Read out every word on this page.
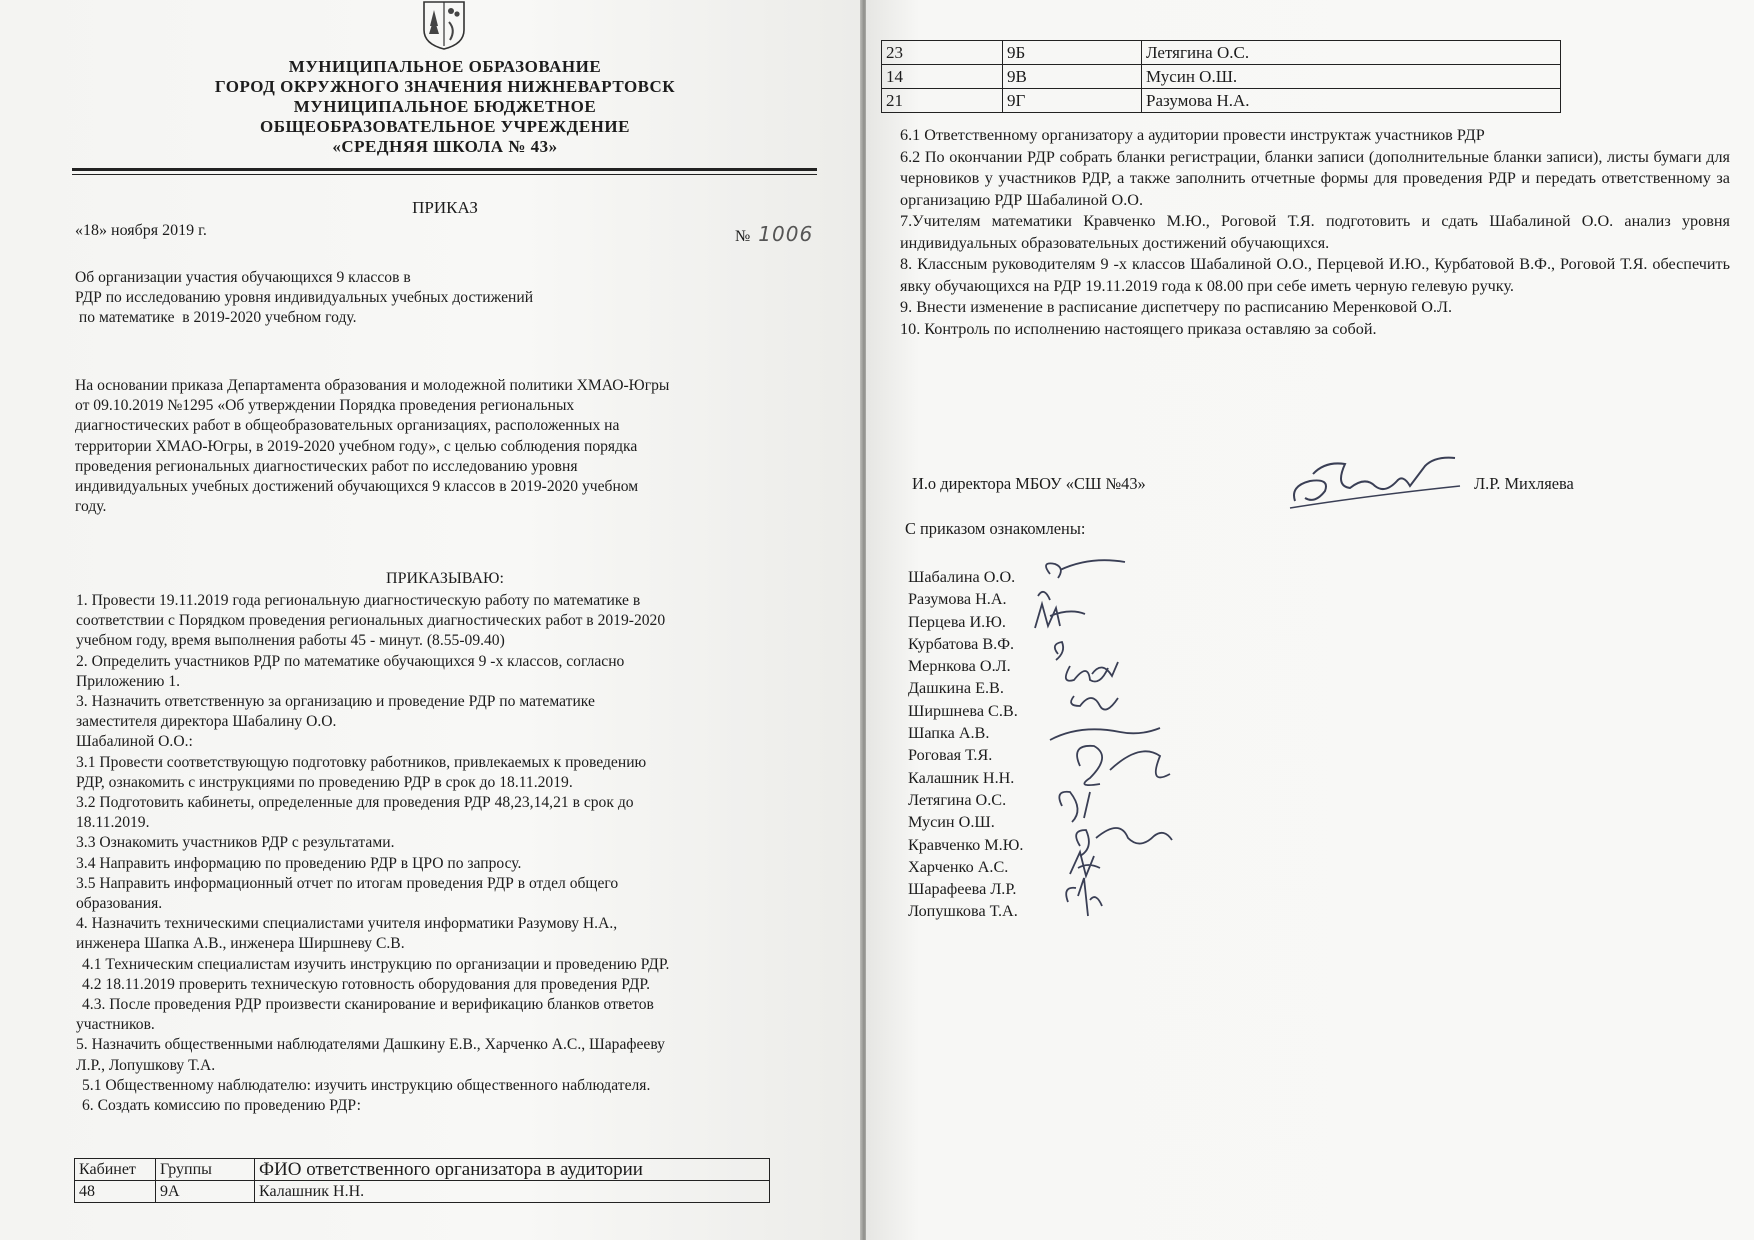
МУНИЦИПАЛЬНОЕ ОБРАЗОВАНИЕ
ГОРОД ОКРУЖНОГО ЗНАЧЕНИЯ НИЖНЕВАРТОВСК
МУНИЦИПАЛЬНОЕ БЮДЖЕТНОЕ
ОБЩЕОБРАЗОВАТЕЛЬНОЕ УЧРЕЖДЕНИЕ
«СРЕДНЯЯ ШКОЛА № 43»
ПРИКАЗ
«18» ноября 2019 г.	№ 1006
Об организации участия обучающихся 9 классов в
РДР по исследованию уровня индивидуальных учебных достижений
по математике  в 2019-2020 учебном году.
На основании приказа Департамента образования и молодежной политики ХМАО-Югры
от 09.10.2019 №1295 «Об утверждении Порядка проведения региональных
диагностических работ в общеобразовательных организациях, расположенных на
территории ХМАО-Югры, в 2019-2020 учебном году», с целью соблюдения порядка
проведения региональных диагностических работ по исследованию уровня
индивидуальных учебных достижений обучающихся 9 классов в 2019-2020 учебном
году.
ПРИКАЗЫВАЮ:

1. Провести 19.11.2019 года региональную диагностическую работу по математике в

соответствии с Порядком проведения региональных диагностических работ в 2019-2020

учебном году, время выполнения работы 45 - минут. (8.55-09.40)

2. Определить участников РДР по математике обучающихся 9 -х классов, согласно

Приложению 1.

3. Назначить ответственную за организацию и проведение РДР по математике

заместителя директора Шабалину О.О.

Шабалиной О.О.:

3.1 Провести соответствующую подготовку работников, привлекаемых к проведению

РДР, ознакомить с инструкциями по проведению РДР в срок до 18.11.2019.

3.2 Подготовить кабинеты, определенные для проведения РДР 48,23,14,21 в срок до

18.11.2019.

3.3 Ознакомить участников РДР с результатами.

3.4 Направить информацию по проведению РДР в ЦРО по запросу.

3.5 Направить информационный отчет по итогам проведения РДР в отдел общего

образования.

4. Назначить техническими специалистами учителя информатики Разумову Н.А.,

инженера Шапка А.В., инженера Ширшневу С.В.

4.1 Техническим специалистам изучить инструкцию по организации и проведению РДР.

4.2 18.11.2019 проверить техническую готовность оборудования для проведения РДР.

4.3. После проведения РДР произвести сканирование и верификацию бланков ответов

участников.

5. Назначить общественными наблюдателями Дашкину Е.В., Харченко А.С., Шарафееву

Л.Р., Лопушкову Т.А.

5.1 Общественному наблюдателю: изучить инструкцию общественного наблюдателя.

6. Создать комиссию по проведению РДР:

Кабинет	Группы	ФИО ответственного организатора в аудитории
48	9А	Калашник Н.Н.
23	9Б	Летягина О.С.
14	9В	Мусин О.Ш.
21	9Г	Разумова Н.А.

6.1 Ответственному организатору а аудитории провести инструктаж участников РДР

6.2 По окончании РДР собрать бланки регистрации, бланки записи (дополнительные бланки записи), листы бумаги для черновиков у участников РДР, а также заполнить отчетные формы для проведения РДР и передать ответственному за организацию РДР Шабалиной О.О.

7.Учителям математики Кравченко М.Ю., Роговой Т.Я. подготовить и сдать Шабалиной О.О. анализ уровня индивидуальных образовательных достижений обучающихся.

8. Классным руководителям 9 -х классов Шабалиной О.О., Перцевой И.Ю., Курбатовой В.Ф., Роговой Т.Я. обеспечить явку обучающихся на РДР 19.11.2019 года к 08.00 при себе иметь черную гелевую ручку.

9. Внести изменение в расписание диспетчеру по расписанию Меренковой О.Л.

10. Контроль по исполнению настоящего приказа оставляю за собой.

И.о директора МБОУ «СШ №43»	Л.Р. Михляева
С приказом ознакомлены:
Шабалина О.О.
Разумова Н.А.
Перцева И.Ю.
Курбатова В.Ф.
Мернкова О.Л.
Дашкина Е.В.
Ширшнева С.В.
Шапка А.В.
Роговая Т.Я.
Калашник Н.Н.
Летягина О.С.
Мусин О.Ш.
Кравченко М.Ю.
Харченко А.С.
Шарафеева Л.Р.
Лопушкова Т.А.
